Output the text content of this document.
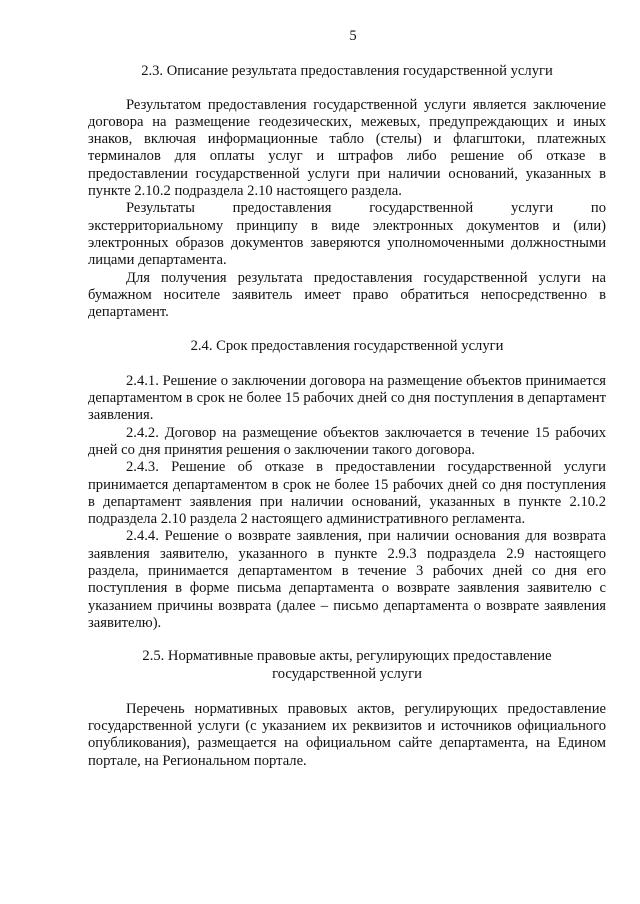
5

2.3. Описание результата предоставления государственной услуги

Результатом предоставления государственной услуги является заключение договора на размещение геодезических, межевых, предупреждающих и иных знаков, включая информационные табло (стелы) и флагштоки, платежных терминалов для оплаты услуг и штрафов либо решение об отказе в предоставлении государственной услуги при наличии оснований, указанных в пункте 2.10.2 подраздела 2.10 настоящего раздела.

Результаты предоставления государственной услуги по экстерриториальному принципу в виде электронных документов и (или) электронных образов документов заверяются уполномоченными должностными лицами департамента.

Для получения результата предоставления государственной услуги на бумажном носителе заявитель имеет право обратиться непосредственно в департамент.

2.4. Срок предоставления государственной услуги

2.4.1. Решение о заключении договора на размещение объектов принимается департаментом в срок не более 15 рабочих дней со дня поступления в департамент заявления.

2.4.2. Договор на размещение объектов заключается в течение 15 рабочих дней со дня принятия решения о заключении такого договора.

2.4.3. Решение об отказе в предоставлении государственной услуги принимается департаментом в срок не более 15 рабочих дней со дня поступления в департамент заявления при наличии оснований, указанных в пункте 2.10.2 подраздела 2.10 раздела 2 настоящего административного регламента.

2.4.4. Решение о возврате заявления, при наличии основания для возврата заявления заявителю, указанного в пункте 2.9.3 подраздела 2.9 настоящего раздела, принимается департаментом в течение 3 рабочих дней со дня его поступления в форме письма департамента о возврате заявления заявителю с указанием причины возврата (далее – письмо департамента о возврате заявления заявителю).

2.5. Нормативные правовые акты, регулирующих предоставление

государственной услуги

Перечень нормативных правовых актов, регулирующих предоставление государственной услуги (с указанием их реквизитов и источников официального опубликования), размещается на официальном сайте департамента, на Едином портале, на Региональном портале.
